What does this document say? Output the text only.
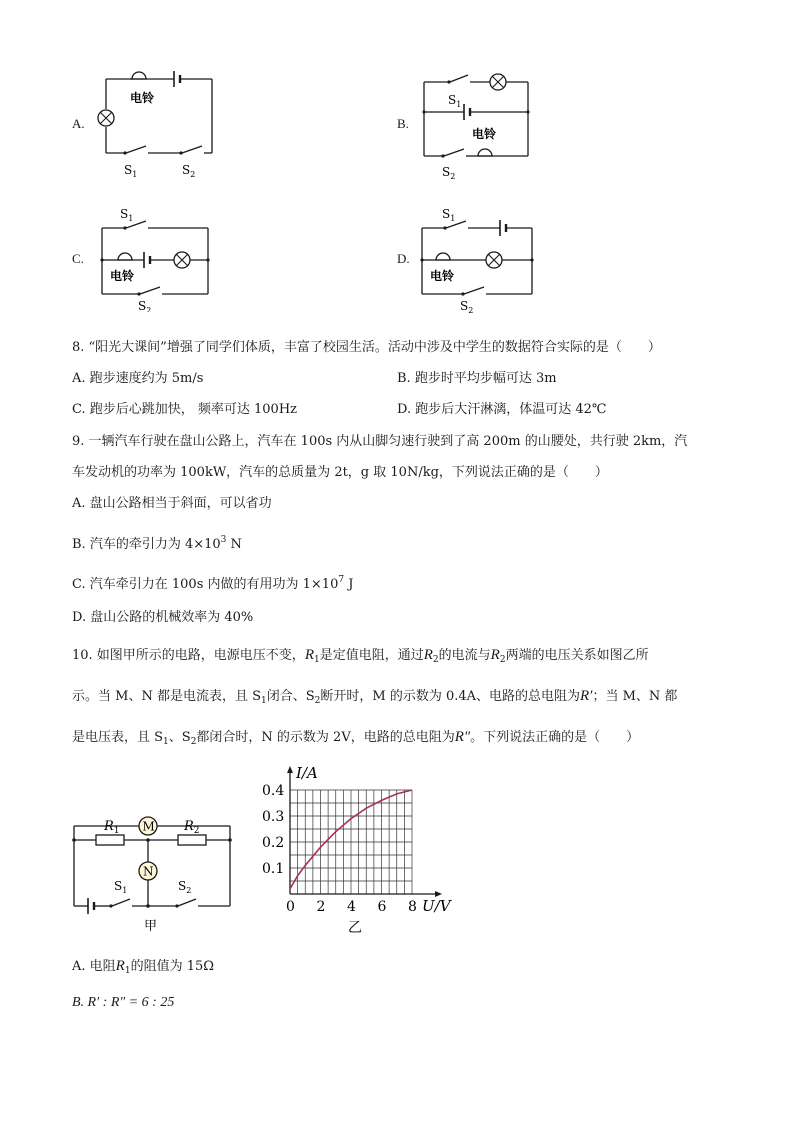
A.
电铃
$S_1$	$S_2$
B.
$S_1$
电铃
$S_2$
C.
$S_1$
电铃
$S_2$
D.
$S_1$
电铃
$S_2$
8. “阳光大课间”增强了同学们体质，丰富了校园生活。活动中涉及中学生的数据符合实际的是（　　）
A. 跑步速度约为 5m/s	B. 跑步时平均步幅可达 3m
C. 跑步后心跳加快， 频率可达 100Hz	D. 跑步后大汗淋漓，体温可达 42℃
9. 一辆汽车行驶在盘山公路上，汽车在 100s 内从山脚匀速行驶到了高 200m 的山腰处，共行驶 2km，汽
车发动机的功率为 100kW，汽车的总质量为 2t，g 取 10N/kg，下列说法正确的是（　　）
A. 盘山公路相当于斜面，可以省功
B. 汽车的牵引力为 $4\times 10^3$ N
C. 汽车牵引力在 100s 内做的有用功为 $1\times 10^7$ J
D. 盘山公路的机械效率为 40%
10. 如图甲所示的电路，电源电压不变，$R_1$是定值电阻，通过$R_2$的电流与$R_2$两端的电压关系如图乙所
示。当 M、N 都是电流表，且 $S_1$闭合、$S_2$断开时，M 的示数为 0.4A、电路的总电阻为R′；当 M、N 都
是电压表，且 $S_1$、$S_2$都闭合时，N 的示数为 2V，电路的总电阻为R″。下列说法正确的是（　　）
M
N
$R_1$	$R_2$
$S_1$	$S_2$
甲
0 2 4 6 8
0.1
0.2
0.3
0.4
U/V
I/A
乙
A. 电阻$R_1$的阻值为 15Ω
B. R′ : R″ = 6 : 25
